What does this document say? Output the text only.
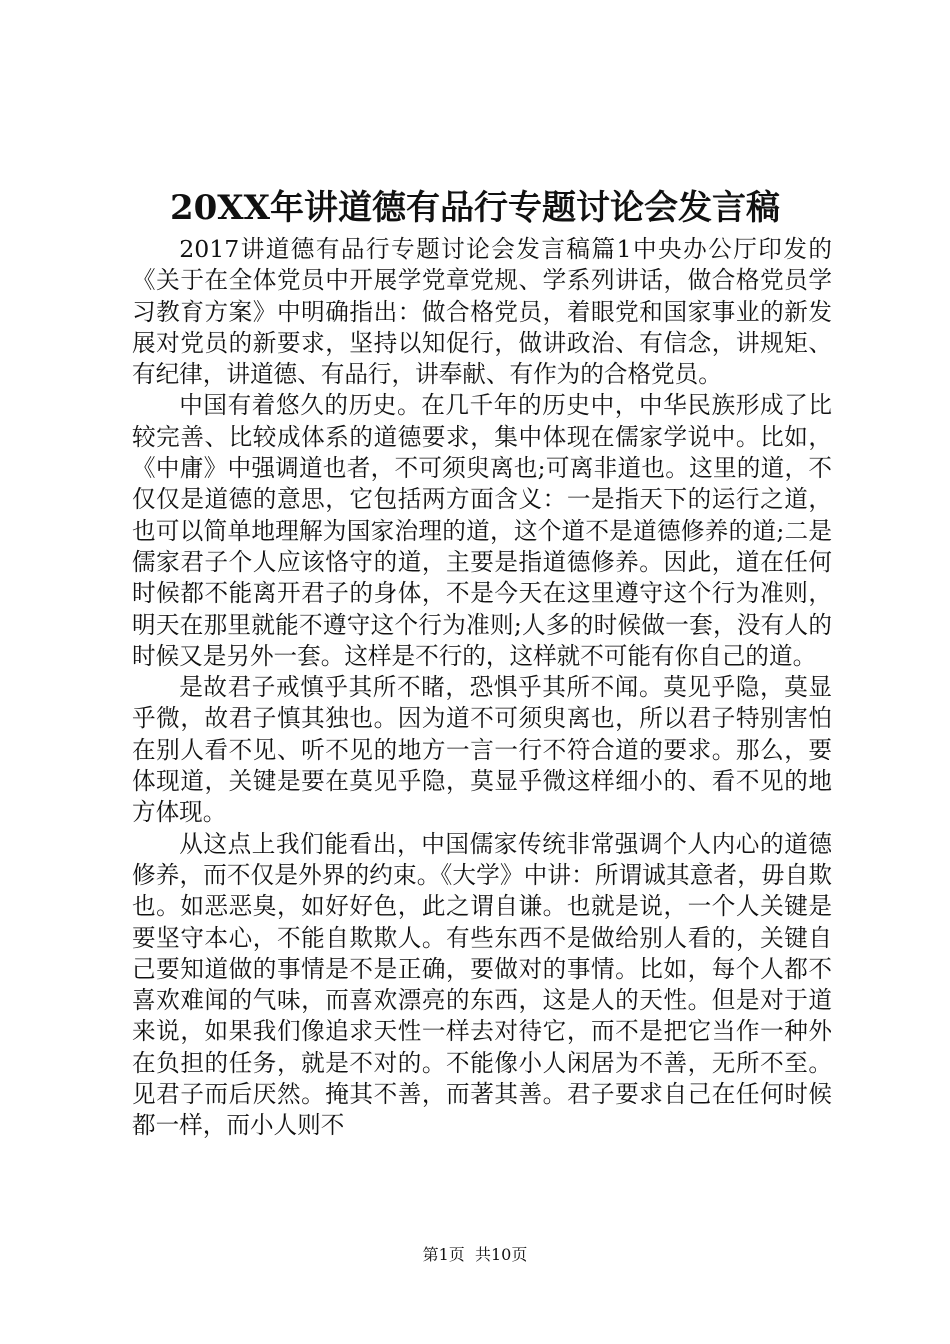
20XX年讲道德有品行专题讨论会发言稿

2017讲道德有品行专题讨论会发言稿篇1中央办公厅印发的《关于在全体党员中开展学党章党规、学系列讲话，做合格党员学习教育方案》中明确指出：做合格党员，着眼党和国家事业的新发展对党员的新要求，坚持以知促行，做讲政治、有信念，讲规矩、有纪律，讲道德、有品行，讲奉献、有作为的合格党员。

中国有着悠久的历史。在几千年的历史中，中华民族形成了比较完善、比较成体系的道德要求，集中体现在儒家学说中。比如，《中庸》中强调道也者，不可须臾离也;可离非道也。这里的道，不仅仅是道德的意思，它包括两方面含义：一是指天下的运行之道，也可以简单地理解为国家治理的道，这个道不是道德修养的道;二是儒家君子个人应该恪守的道，主要是指道德修养。因此，道在任何时候都不能离开君子的身体，不是今天在这里遵守这个行为准则，明天在那里就能不遵守这个行为准则;人多的时候做一套，没有人的时候又是另外一套。这样是不行的，这样就不可能有你自己的道。

是故君子戒慎乎其所不睹，恐惧乎其所不闻。莫见乎隐，莫显乎微，故君子慎其独也。因为道不可须臾离也，所以君子特别害怕在别人看不见、听不见的地方一言一行不符合道的要求。那么，要体现道，关键是要在莫见乎隐，莫显乎微这样细小的、看不见的地方体现。

从这点上我们能看出，中国儒家传统非常强调个人内心的道德修养，而不仅是外界的约束。《大学》中讲：所谓诚其意者，毋自欺也。如恶恶臭，如好好色，此之谓自谦。也就是说，一个人关键是要坚守本心，不能自欺欺人。有些东西不是做给别人看的，关键自己要知道做的事情是不是正确，要做对的事情。比如，每个人都不喜欢难闻的气味，而喜欢漂亮的东西，这是人的天性。但是对于道来说，如果我们像追求天性一样去对待它，而不是把它当作一种外在负担的任务，就是不对的。不能像小人闲居为不善，无所不至。见君子而后厌然。掩其不善，而著其善。君子要求自己在任何时候都一样，而小人则不

第1页 共10页
